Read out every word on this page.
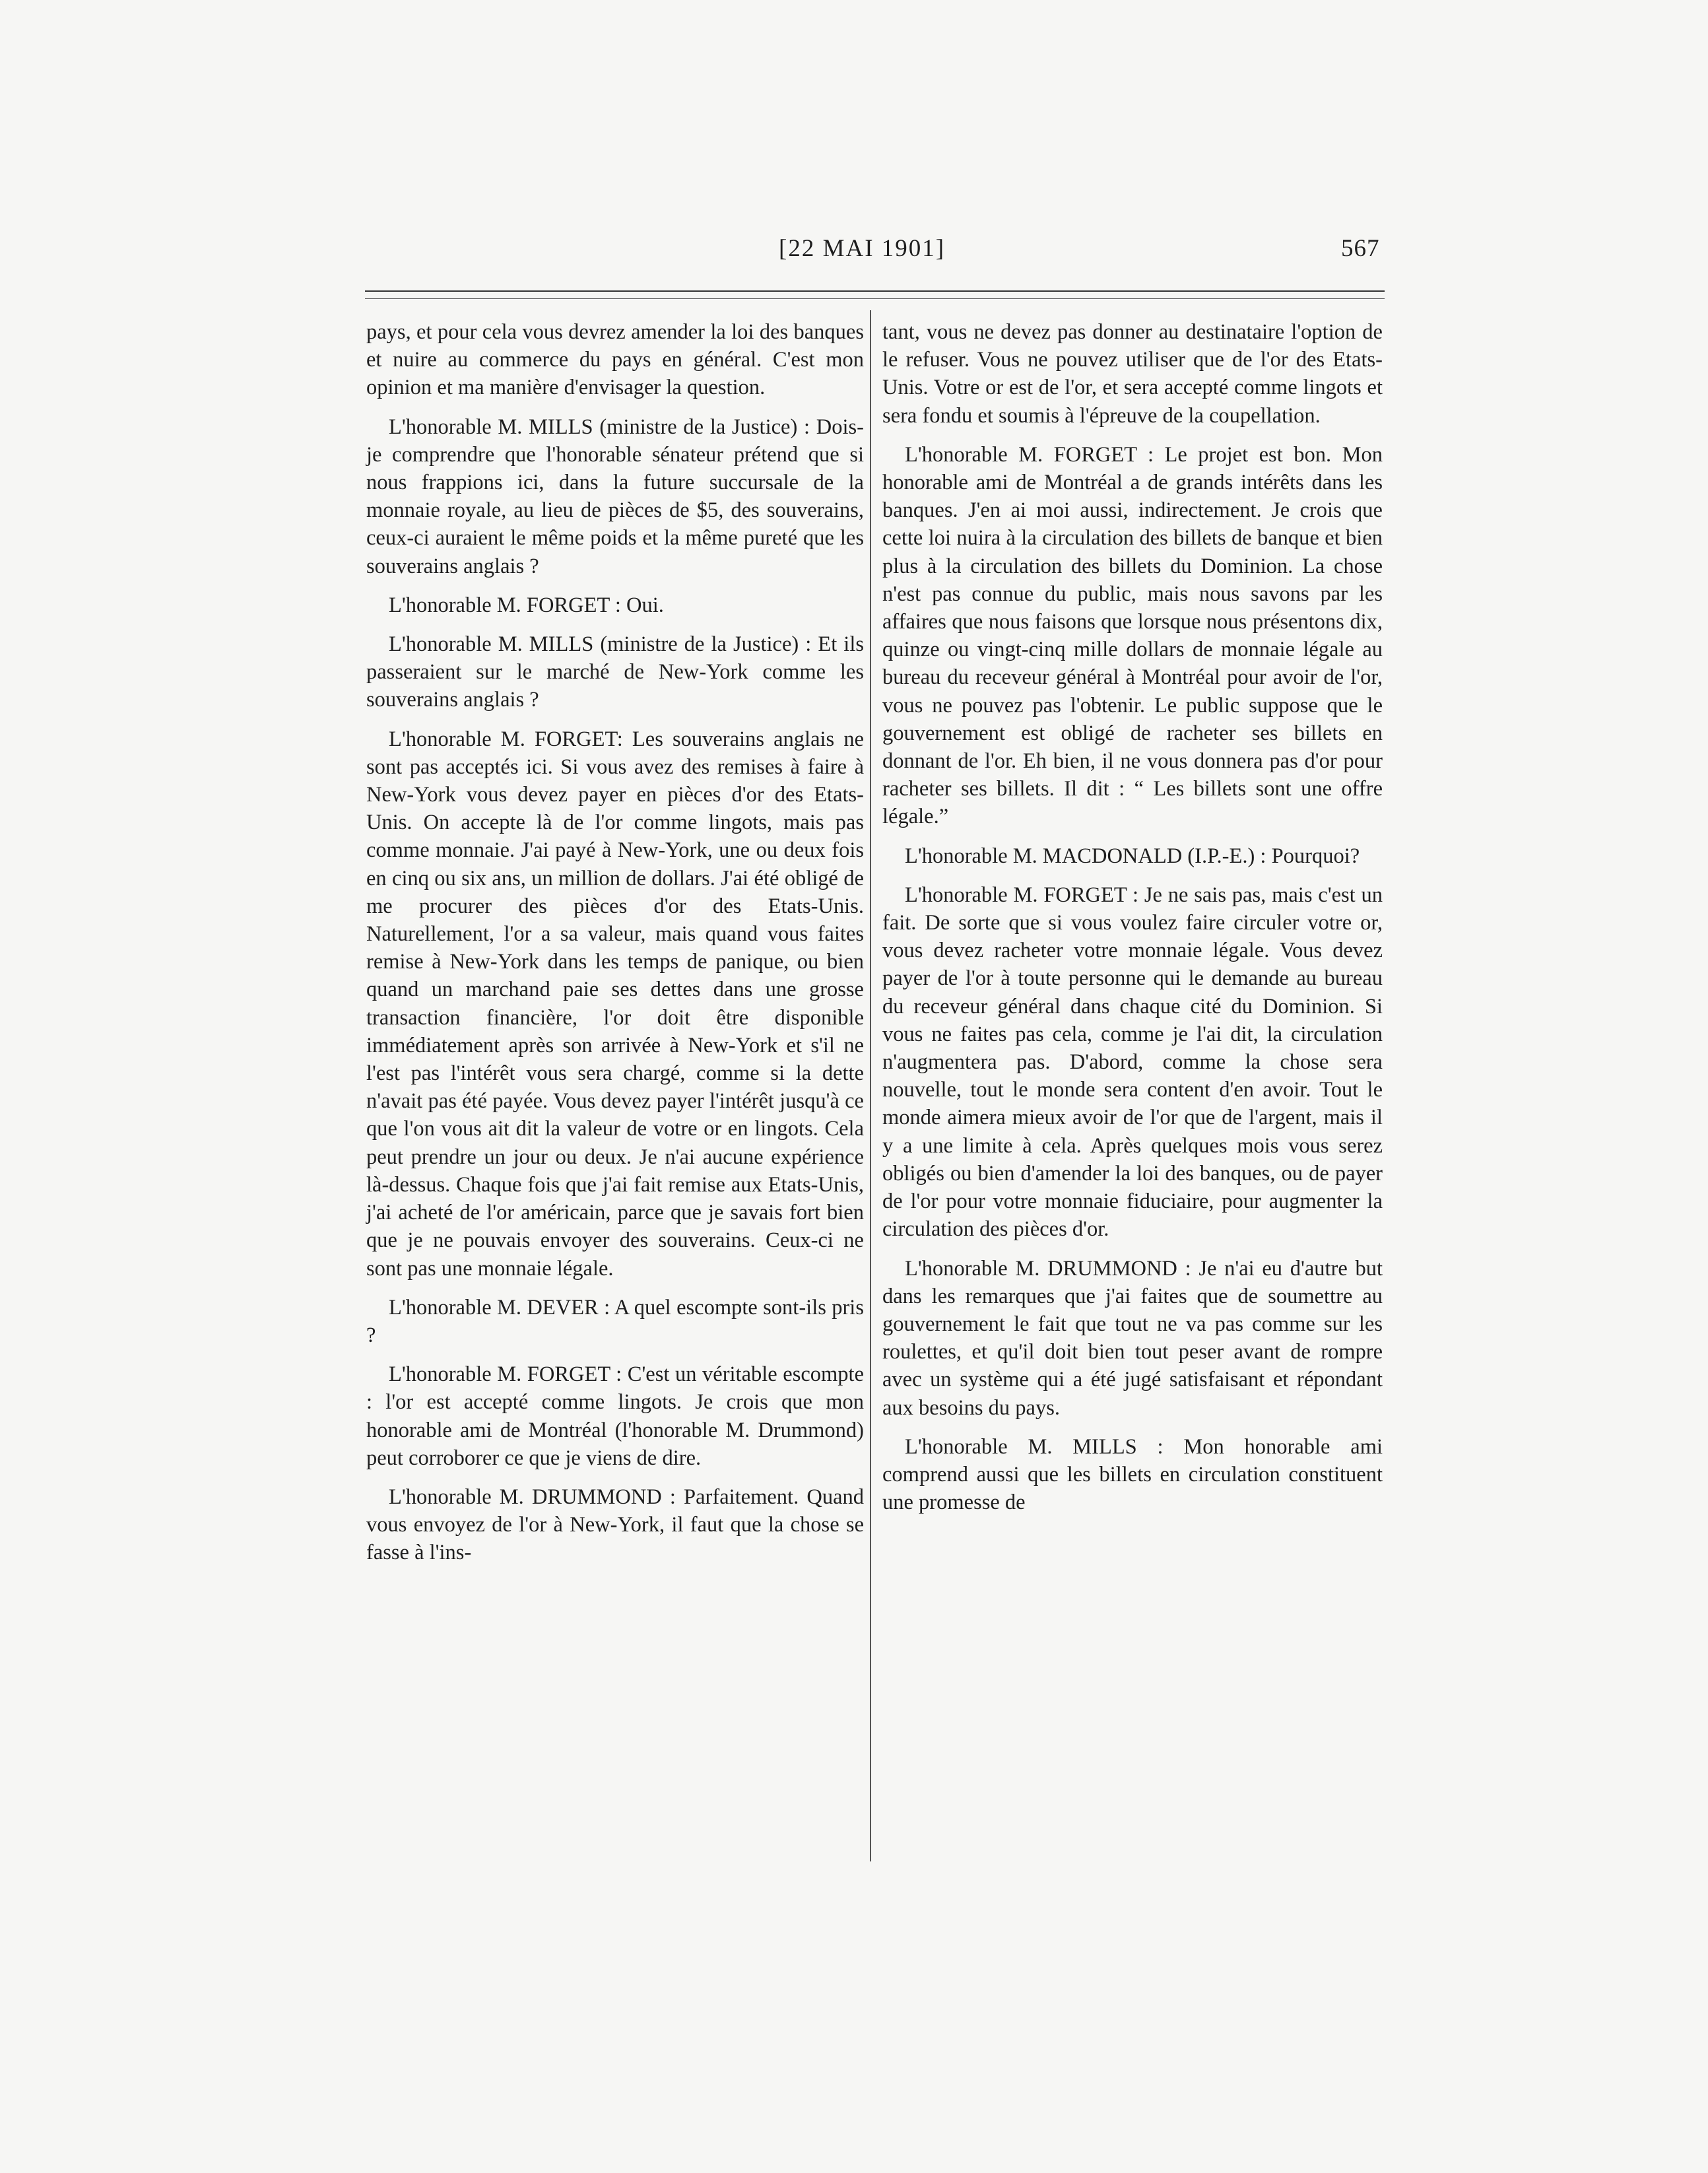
[22 MAI 1901]	567

pays, et pour cela vous devrez amender la loi des banques et nuire au commerce du pays en général. C'est mon opinion et ma manière d'envisager la question.

L'honorable M. MILLS (ministre de la Justice) : Dois-je comprendre que l'honorable sénateur prétend que si nous frappions ici, dans la future succursale de la monnaie royale, au lieu de pièces de $5, des souverains, ceux-ci auraient le même poids et la même pureté que les souverains anglais ?

L'honorable M. FORGET : Oui.

L'honorable M. MILLS (ministre de la Justice) : Et ils passeraient sur le marché de New-York comme les souverains anglais ?

L'honorable M. FORGET: Les souverains anglais ne sont pas acceptés ici. Si vous avez des remises à faire à New-York vous devez payer en pièces d'or des Etats-Unis. On accepte là de l'or comme lingots, mais pas comme monnaie. J'ai payé à New-York, une ou deux fois en cinq ou six ans, un million de dollars. J'ai été obligé de me procurer des pièces d'or des Etats-Unis. Naturellement, l'or a sa valeur, mais quand vous faites remise à New-York dans les temps de panique, ou bien quand un marchand paie ses dettes dans une grosse transaction financière, l'or doit être disponible immédiatement après son arrivée à New-York et s'il ne l'est pas l'intérêt vous sera chargé, comme si la dette n'avait pas été payée. Vous devez payer l'intérêt jusqu'à ce que l'on vous ait dit la valeur de votre or en lingots. Cela peut prendre un jour ou deux. Je n'ai aucune expérience là-dessus. Chaque fois que j'ai fait remise aux Etats-Unis, j'ai acheté de l'or américain, parce que je savais fort bien que je ne pouvais envoyer des souverains. Ceux-ci ne sont pas une monnaie légale.

L'honorable M. DEVER : A quel escompte sont-ils pris ?

L'honorable M. FORGET : C'est un véritable escompte : l'or est accepté comme lingots. Je crois que mon honorable ami de Montréal (l'honorable M. Drummond) peut corroborer ce que je viens de dire.

L'honorable M. DRUMMOND : Parfaitement. Quand vous envoyez de l'or à New-York, il faut que la chose se fasse à l'ins-

tant, vous ne devez pas donner au destinataire l'option de le refuser. Vous ne pouvez utiliser que de l'or des Etats-Unis. Votre or est de l'or, et sera accepté comme lingots et sera fondu et soumis à l'épreuve de la coupellation.

L'honorable M. FORGET : Le projet est bon. Mon honorable ami de Montréal a de grands intérêts dans les banques. J'en ai moi aussi, indirectement. Je crois que cette loi nuira à la circulation des billets de banque et bien plus à la circulation des billets du Dominion. La chose n'est pas connue du public, mais nous savons par les affaires que nous faisons que lorsque nous présentons dix, quinze ou vingt-cinq mille dollars de monnaie légale au bureau du receveur général à Montréal pour avoir de l'or, vous ne pouvez pas l'obtenir. Le public suppose que le gouvernement est obligé de racheter ses billets en donnant de l'or. Eh bien, il ne vous donnera pas d'or pour racheter ses billets. Il dit : “ Les billets sont une offre légale.”

L'honorable M. MACDONALD (I.P.-E.) : Pourquoi?

L'honorable M. FORGET : Je ne sais pas, mais c'est un fait. De sorte que si vous voulez faire circuler votre or, vous devez racheter votre monnaie légale. Vous devez payer de l'or à toute personne qui le demande au bureau du receveur général dans chaque cité du Dominion. Si vous ne faites pas cela, comme je l'ai dit, la circulation n'augmentera pas. D'abord, comme la chose sera nouvelle, tout le monde sera content d'en avoir. Tout le monde aimera mieux avoir de l'or que de l'argent, mais il y a une limite à cela. Après quelques mois vous serez obligés ou bien d'amender la loi des banques, ou de payer de l'or pour votre monnaie fiduciaire, pour augmenter la circulation des pièces d'or.

L'honorable M. DRUMMOND : Je n'ai eu d'autre but dans les remarques que j'ai faites que de soumettre au gouvernement le fait que tout ne va pas comme sur les roulettes, et qu'il doit bien tout peser avant de rompre avec un système qui a été jugé satisfaisant et répondant aux besoins du pays.

L'honorable M. MILLS : Mon honorable ami comprend aussi que les billets en circulation constituent une promesse de
